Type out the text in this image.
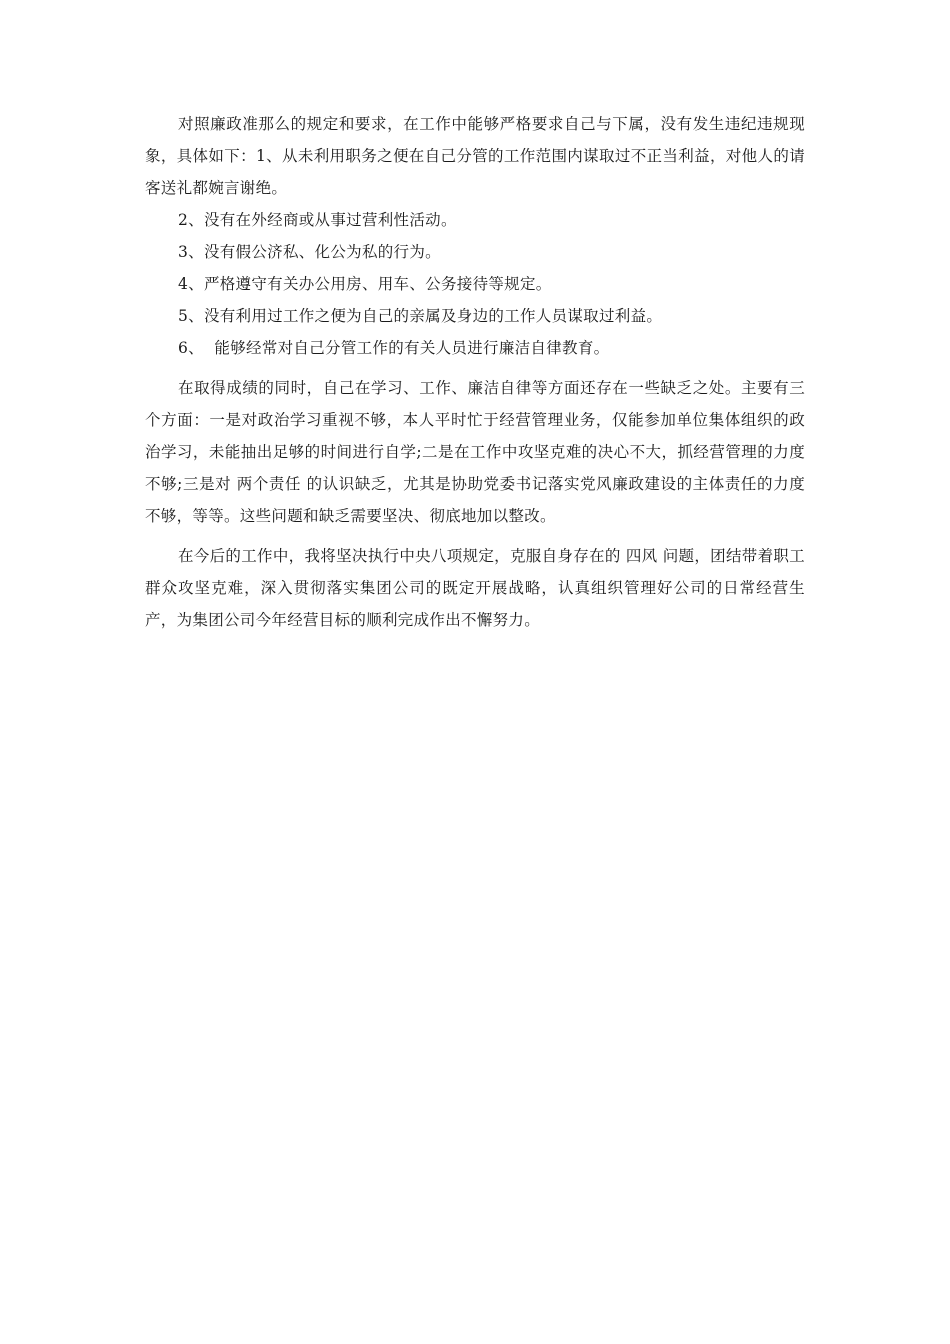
对照廉政准那么的规定和要求，在工作中能够严格要求自己与下属，没有发生违纪违规现象，具体如下：1、从未利用职务之便在自己分管的工作范围内谋取过不正当利益，对他人的请客送礼都婉言谢绝。

2、没有在外经商或从事过营利性活动。

3、没有假公济私、化公为私的行为。

4、严格遵守有关办公用房、用车、公务接待等规定。

5、没有利用过工作之便为自己的亲属及身边的工作人员谋取过利益。

6、  能够经常对自己分管工作的有关人员进行廉洁自律教育。

在取得成绩的同时，自己在学习、工作、廉洁自律等方面还存在一些缺乏之处。主要有三个方面：一是对政治学习重视不够，本人平时忙于经营管理业务，仅能参加单位集体组织的政治学习，未能抽出足够的时间进行自学;二是在工作中攻坚克难的决心不大，抓经营管理的力度不够;三是对 两个责任 的认识缺乏，尤其是协助党委书记落实党风廉政建设的主体责任的力度不够，等等。这些问题和缺乏需要坚决、彻底地加以整改。

在今后的工作中，我将坚决执行中央八项规定，克服自身存在的 四风 问题，团结带着职工群众攻坚克难，深入贯彻落实集团公司的既定开展战略，认真组织管理好公司的日常经营生产，为集团公司今年经营目标的顺利完成作出不懈努力。
